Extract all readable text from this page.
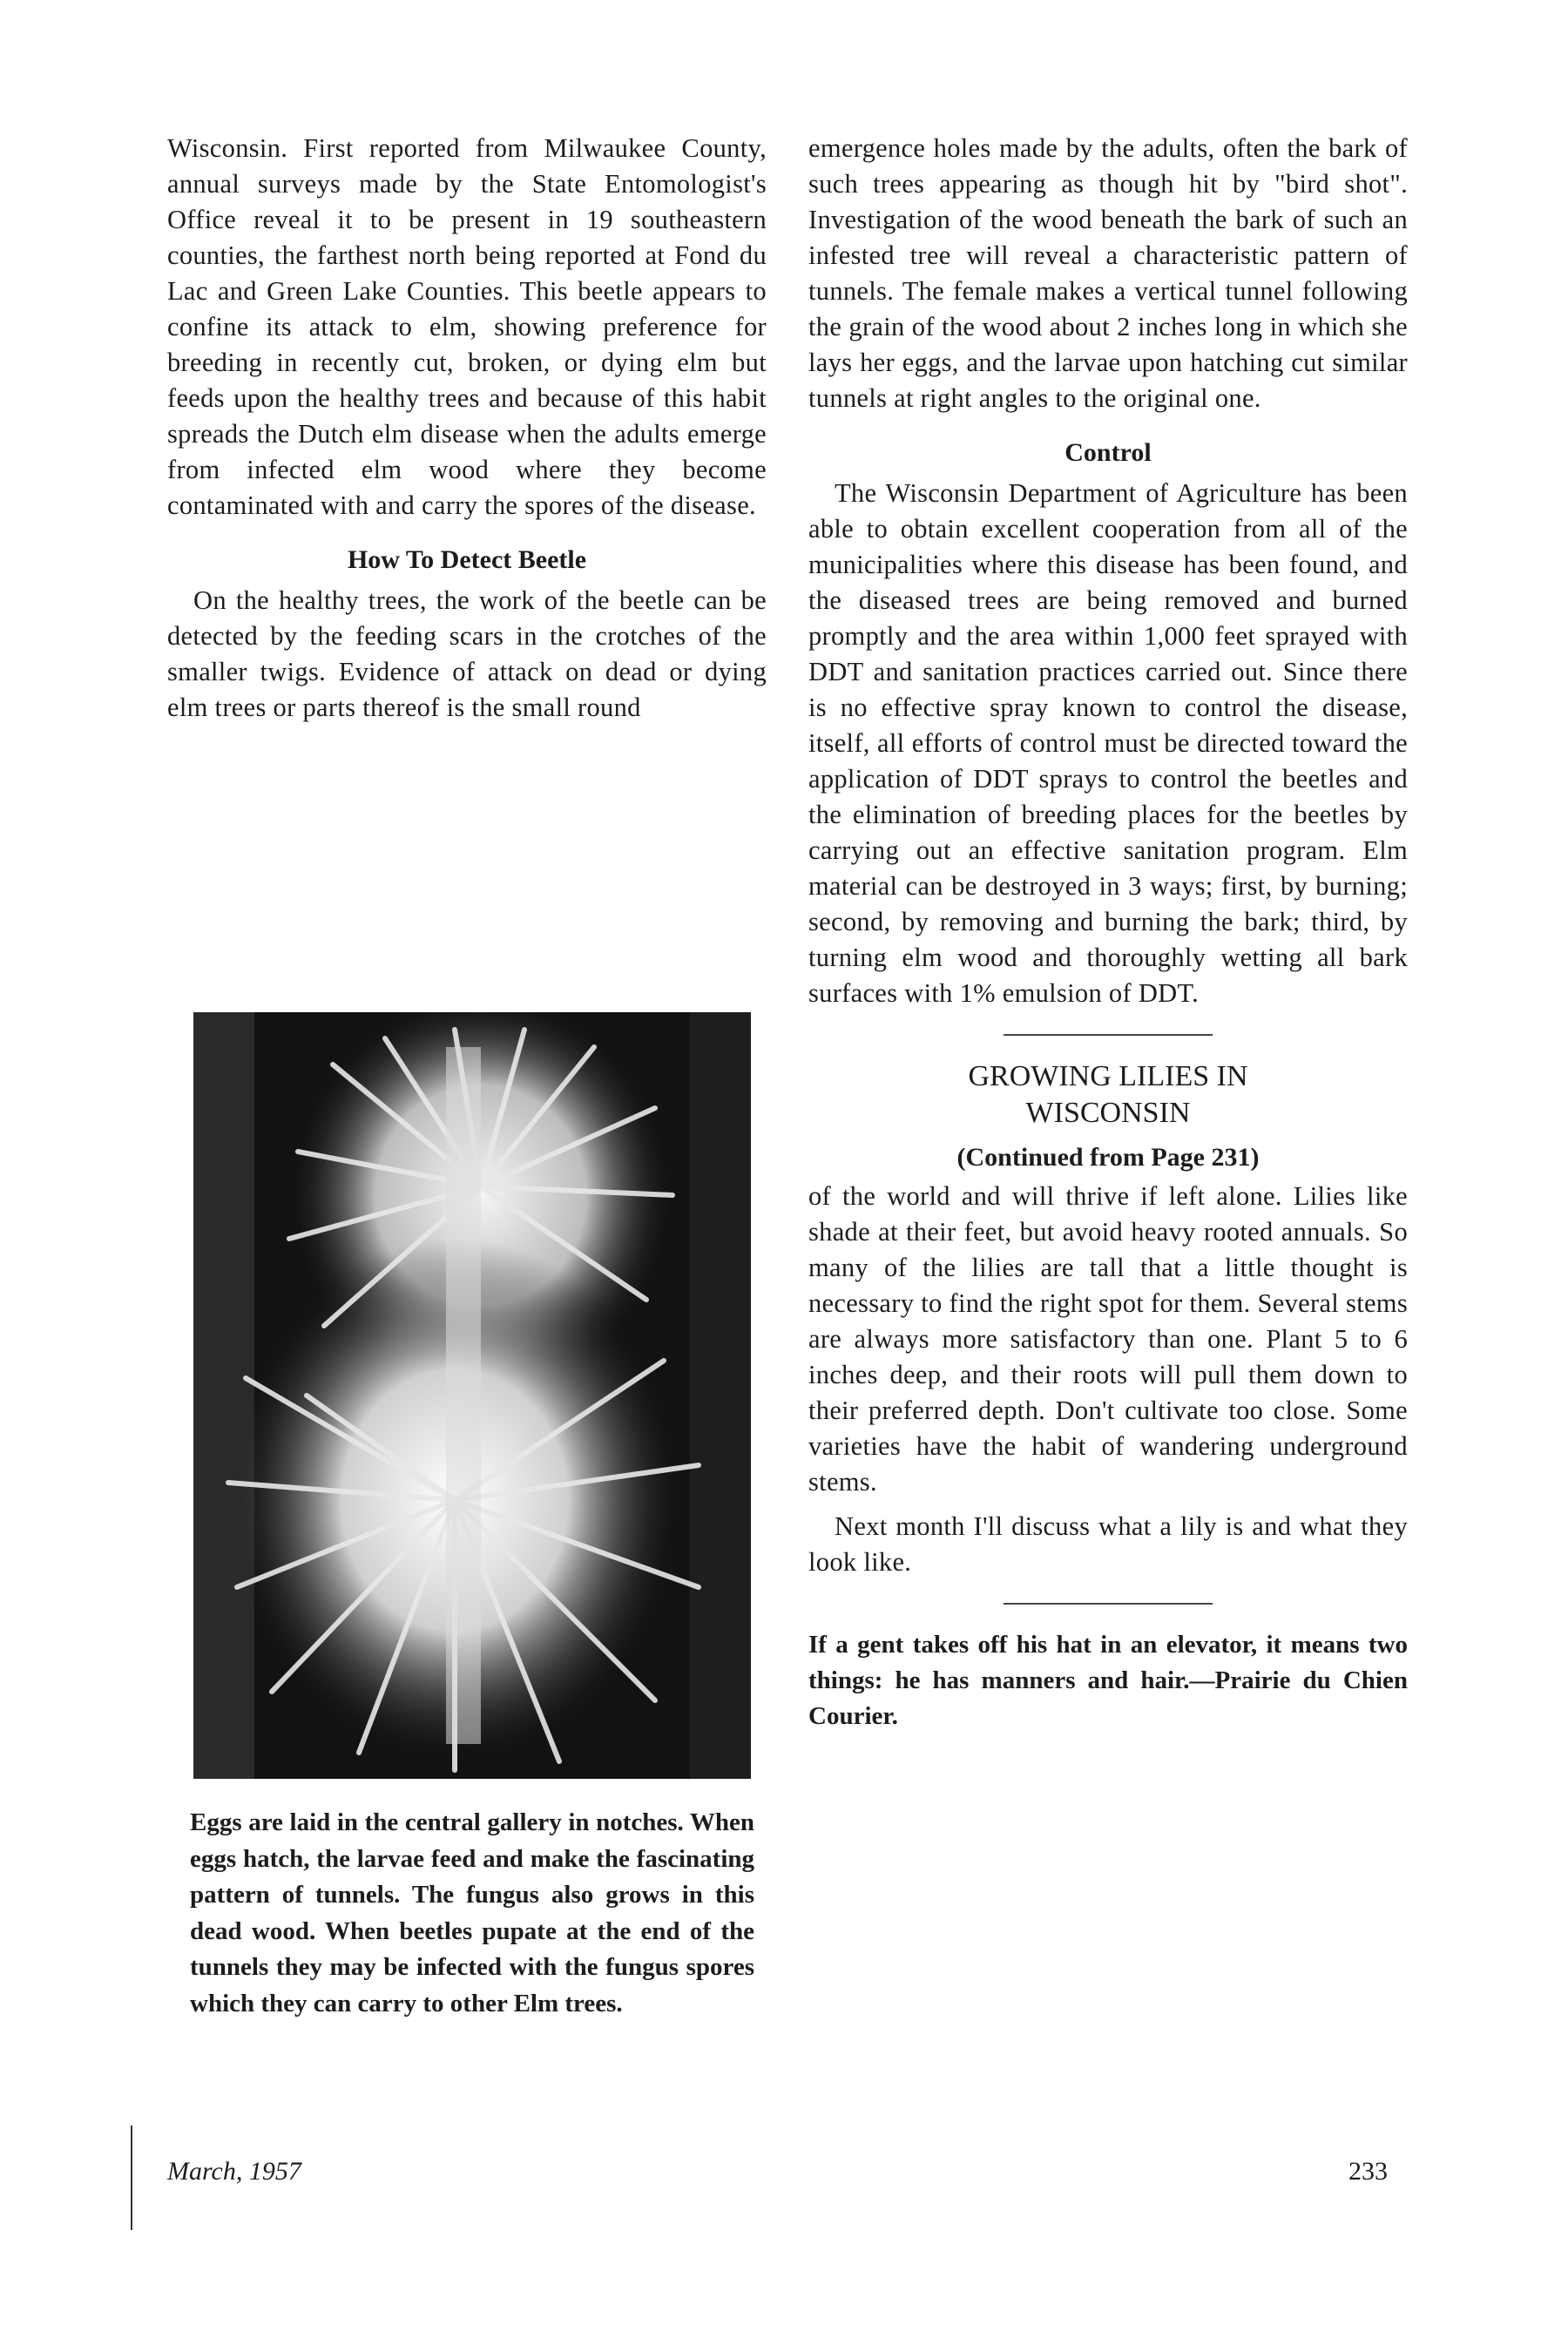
Wisconsin. First reported from Milwaukee County, annual surveys made by the State Entomologist's Office reveal it to be present in 19 southeastern counties, the farthest north being reported at Fond du Lac and Green Lake Counties. This beetle appears to confine its attack to elm, showing preference for breeding in recently cut, broken, or dying elm but feeds upon the healthy trees and because of this habit spreads the Dutch elm disease when the adults emerge from infected elm wood where they become contaminated with and carry the spores of the disease.

How To Detect Beetle

On the healthy trees, the work of the beetle can be detected by the feeding scars in the crotches of the smaller twigs. Evidence of attack on dead or dying elm trees or parts thereof is the small round

Eggs are laid in the central gallery in notches. When eggs hatch, the larvae feed and make the fascinating pattern of tunnels. The fungus also grows in this dead wood. When beetles pupate at the end of the tunnels they may be infected with the fungus spores which they can carry to other Elm trees.

emergence holes made by the adults, often the bark of such trees appearing as though hit by "bird shot". Investigation of the wood beneath the bark of such an infested tree will reveal a characteristic pattern of tunnels. The female makes a vertical tunnel following the grain of the wood about 2 inches long in which she lays her eggs, and the larvae upon hatching cut similar tunnels at right angles to the original one.

Control

The Wisconsin Department of Agriculture has been able to obtain excellent cooperation from all of the municipalities where this disease has been found, and the diseased trees are being removed and burned promptly and the area within 1,000 feet sprayed with DDT and sanitation practices carried out. Since there is no effective spray known to control the disease, itself, all efforts of control must be directed toward the application of DDT sprays to control the beetles and the elimination of breeding places for the beetles by carrying out an effective sanitation program. Elm material can be destroyed in 3 ways; first, by burning; second, by removing and burning the bark; third, by turning elm wood and thoroughly wetting all bark surfaces with 1% emulsion of DDT.

GROWING LILIES IN
WISCONSIN
(Continued from Page 231)

of the world and will thrive if left alone. Lilies like shade at their feet, but avoid heavy rooted annuals. So many of the lilies are tall that a little thought is necessary to find the right spot for them. Several stems are always more satisfactory than one. Plant 5 to 6 inches deep, and their roots will pull them down to their preferred depth. Don't cultivate too close. Some varieties have the habit of wandering underground stems.

Next month I'll discuss what a lily is and what they look like.

If a gent takes off his hat in an elevator, it means two things: he has manners and hair.—Prairie du Chien Courier.

March, 1957	233
